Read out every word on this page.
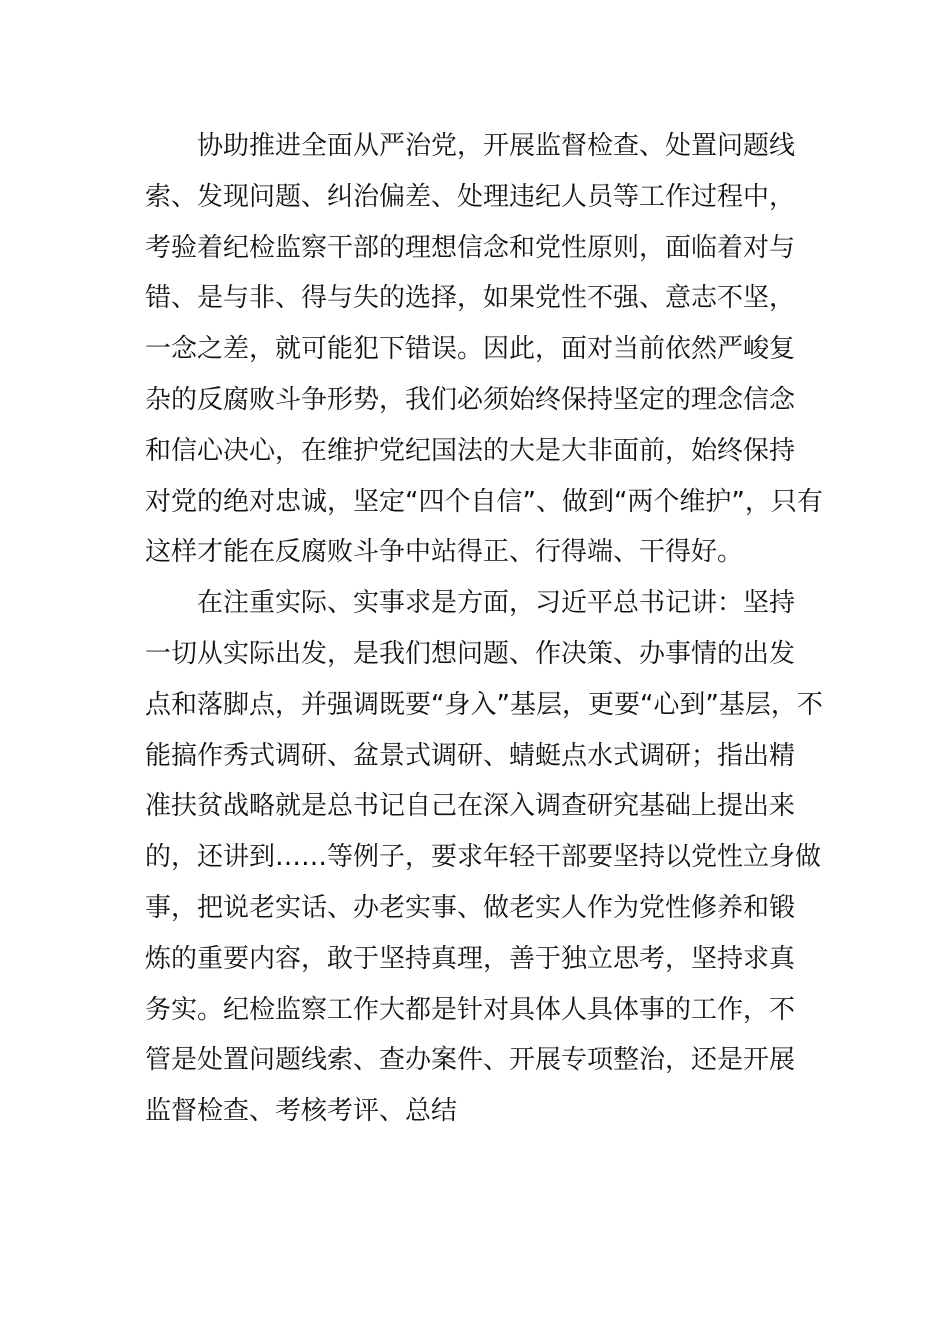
协助推进全面从严治党，开展监督检查、处置问题线
索、发现问题、纠治偏差、处理违纪人员等工作过程中，
考验着纪检监察干部的理想信念和党性原则，面临着对与
错、是与非、得与失的选择，如果党性不强、意志不坚，
一念之差，就可能犯下错误。因此，面对当前依然严峻复
杂的反腐败斗争形势，我们必须始终保持坚定的理念信念
和信心决心，在维护党纪国法的大是大非面前，始终保持
对党的绝对忠诚，坚定“四个自信”、做到“两个维护”，只有
这样才能在反腐败斗争中站得正、行得端、干得好。
在注重实际、实事求是方面，习近平总书记讲：坚持
一切从实际出发，是我们想问题、作决策、办事情的出发
点和落脚点，并强调既要“身入”基层，更要“心到”基层，不
能搞作秀式调研、盆景式调研、蜻蜓点水式调研；指出精
准扶贫战略就是总书记自己在深入调查研究基础上提出来
的，还讲到……等例子，要求年轻干部要坚持以党性立身做
事，把说老实话、办老实事、做老实人作为党性修养和锻
炼的重要内容，敢于坚持真理，善于独立思考，坚持求真
务实。纪检监察工作大都是针对具体人具体事的工作，不
管是处置问题线索、查办案件、开展专项整治，还是开展
监督检查、考核考评、总结
